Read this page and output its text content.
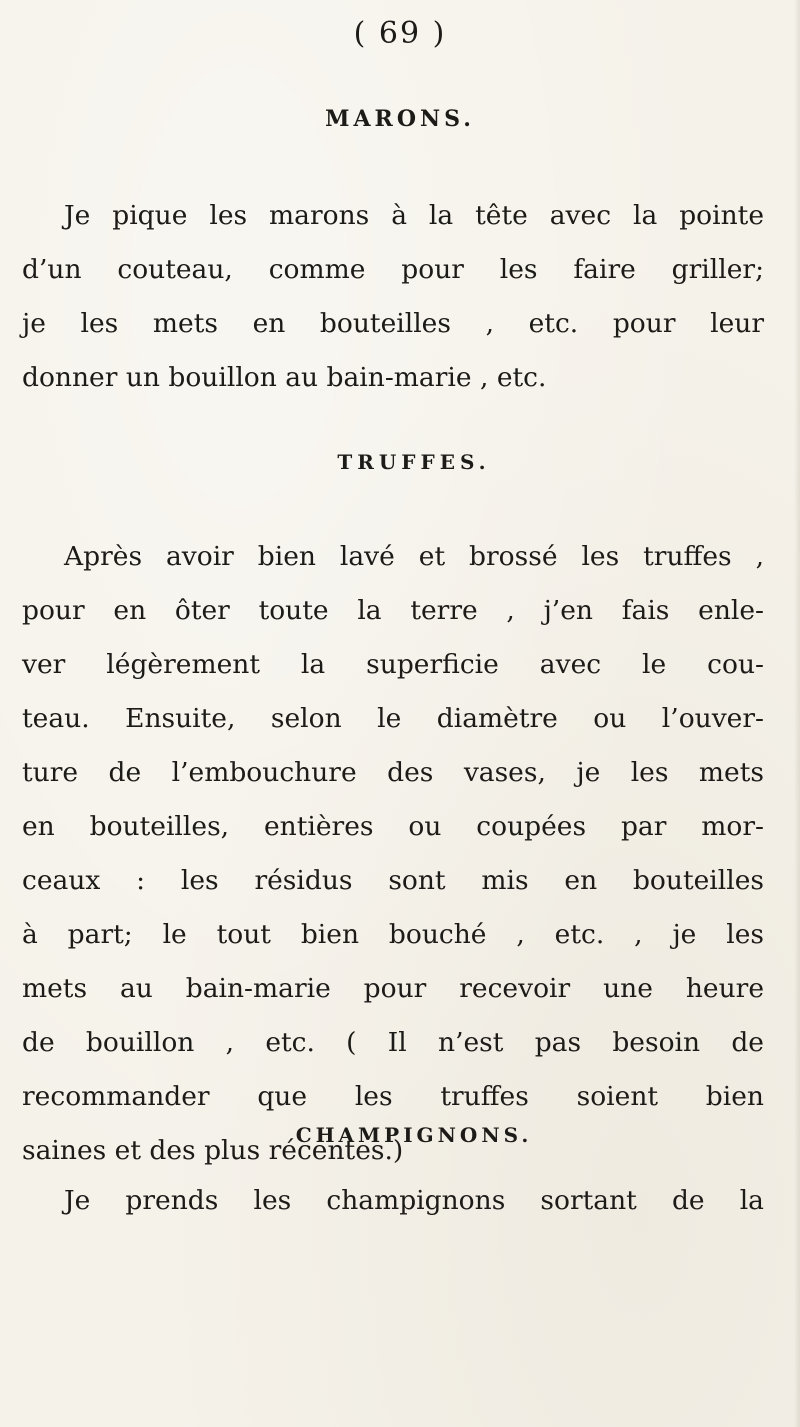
( 69 )

MARONS.
Je pique les marons à la tête avec la pointe
d’un couteau, comme pour les faire griller;
je les mets en bouteilles , etc. pour leur
donner un bouillon au bain-marie , etc.
TRUFFES.
Après avoir bien lavé et brossé les truffes ,
pour en ôter toute la terre , j’en fais enle-
ver légèrement la superficie avec le cou-
teau. Ensuite, selon le diamètre ou l’ouver-
ture de l’embouchure des vases, je les mets
en bouteilles, entières ou coupées par mor-
ceaux : les résidus sont mis en bouteilles
à part; le tout bien bouché , etc. , je les
mets au bain-marie pour recevoir une heure
de bouillon , etc. ( Il n’est pas besoin de
recommander que les truffes soient bien
saines et des plus récentes.)
CHAMPIGNONS.
Je prends les champignons sortant de la
